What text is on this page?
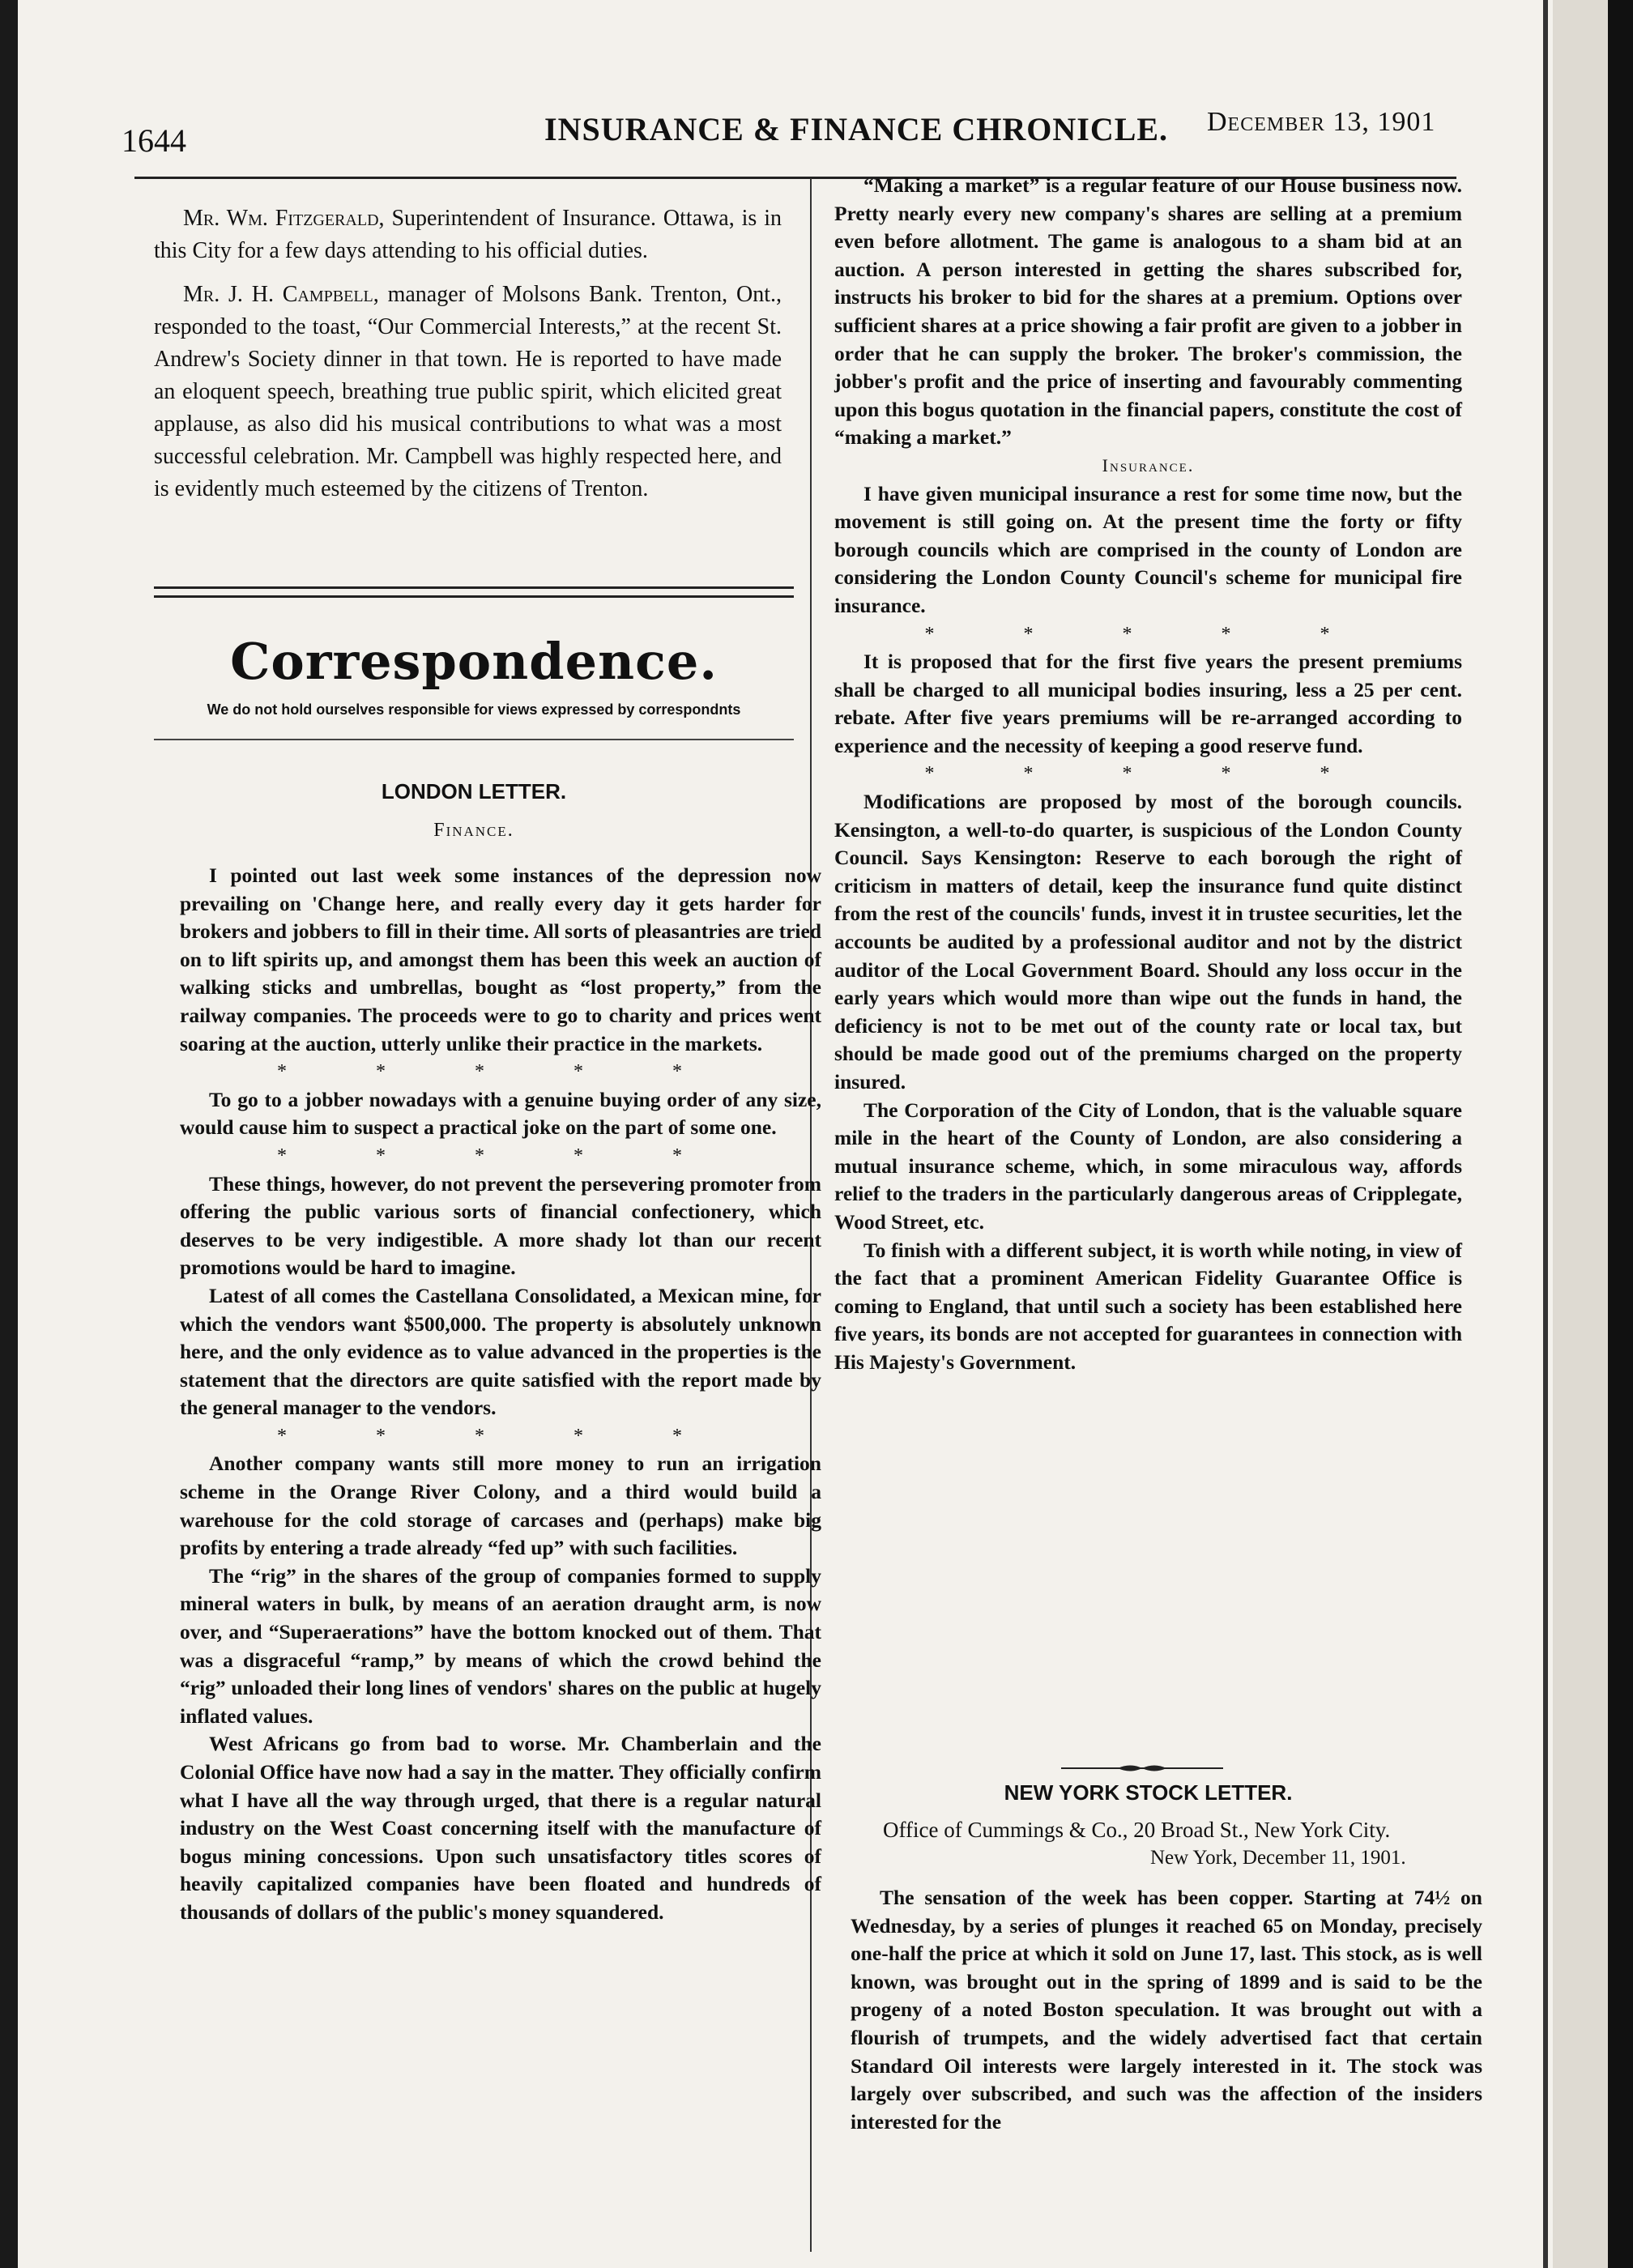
1644	INSURANCE & FINANCE CHRONICLE. December 13, 1901

Mr. Wm. Fitzgerald, Superintendent of Insurance. Ottawa, is in this City for a few days attending to his official duties.

Mr. J. H. Campbell, manager of Molsons Bank. Trenton, Ont., responded to the toast, “Our Commercial Interests,” at the recent St. Andrew's Society dinner in that town. He is reported to have made an eloquent speech, breathing true public spirit, which elicited great applause, as also did his musical contributions to what was a most successful celebration. Mr. Campbell was highly respected here, and is evidently much esteemed by the citizens of Trenton.

Correspondence.
We do not hold ourselves responsible for views expressed by correspondnts
LONDON LETTER.
Finance.

I pointed out last week some instances of the depression now prevailing on 'Change here, and really every day it gets harder for brokers and jobbers to fill in their time. All sorts of pleasantries are tried on to lift spirits up, and amongst them has been this week an auction of walking sticks and umbrellas, bought as “lost property,” from the railway companies. The proceeds were to go to charity and prices went soaring at the auction, utterly unlike their practice in the markets.

* * * * *

To go to a jobber nowadays with a genuine buying order of any size, would cause him to suspect a practical joke on the part of some one.

* * * * *

These things, however, do not prevent the persevering promoter from offering the public various sorts of financial confectionery, which deserves to be very indigestible. A more shady lot than our recent promotions would be hard to imagine.

Latest of all comes the Castellana Consolidated, a Mexican mine, for which the vendors want $500,000. The property is absolutely unknown here, and the only evidence as to value advanced in the properties is the statement that the directors are quite satisfied with the report made by the general manager to the vendors.

* * * * *

Another company wants still more money to run an irrigation scheme in the Orange River Colony, and a third would build a warehouse for the cold storage of carcases and (perhaps) make big profits by entering a trade already “fed up” with such facilities.

The “rig” in the shares of the group of companies formed to supply mineral waters in bulk, by means of an aeration draught arm, is now over, and “Superaerations” have the bottom knocked out of them. That was a disgraceful “ramp,” by means of which the crowd behind the “rig” unloaded their long lines of vendors' shares on the public at hugely inflated values.

West Africans go from bad to worse. Mr. Chamberlain and the Colonial Office have now had a say in the matter. They officially confirm what I have all the way through urged, that there is a regular natural industry on the West Coast concerning itself with the manufacture of bogus mining concessions. Upon such unsatisfactory titles scores of heavily capitalized companies have been floated and hundreds of thousands of dollars of the public's money squandered.

“Making a market” is a regular feature of our House business now. Pretty nearly every new company's shares are selling at a premium even before allotment. The game is analogous to a sham bid at an auction. A person interested in getting the shares subscribed for, instructs his broker to bid for the shares at a premium. Options over sufficient shares at a price showing a fair profit are given to a jobber in order that he can supply the broker. The broker's commission, the jobber's profit and the price of inserting and favourably commenting upon this bogus quotation in the financial papers, constitute the cost of “making a market.”

Insurance.

I have given municipal insurance a rest for some time now, but the movement is still going on. At the present time the forty or fifty borough councils which are comprised in the county of London are considering the London County Council's scheme for municipal fire insurance.

* * * * *

It is proposed that for the first five years the present premiums shall be charged to all municipal bodies insuring, less a 25 per cent. rebate. After five years premiums will be re-arranged according to experience and the necessity of keeping a good reserve fund.

* * * * *

Modifications are proposed by most of the borough councils. Kensington, a well-to-do quarter, is suspicious of the London County Council. Says Kensington: Reserve to each borough the right of criticism in matters of detail, keep the insurance fund quite distinct from the rest of the councils' funds, invest it in trustee securities, let the accounts be audited by a professional auditor and not by the district auditor of the Local Government Board. Should any loss occur in the early years which would more than wipe out the funds in hand, the deficiency is not to be met out of the county rate or local tax, but should be made good out of the premiums charged on the property insured.

The Corporation of the City of London, that is the valuable square mile in the heart of the County of London, are also considering a mutual insurance scheme, which, in some miraculous way, affords relief to the traders in the particularly dangerous areas of Cripplegate, Wood Street, etc.

To finish with a different subject, it is worth while noting, in view of the fact that a prominent American Fidelity Guarantee Office is coming to England, that until such a society has been established here five years, its bonds are not accepted for guarantees in connection with His Majesty's Government.

NEW YORK STOCK LETTER.
Office of Cummings & Co., 20 Broad St., New York City.
New York, December 11, 1901.

The sensation of the week has been copper. Starting at 74½ on Wednesday, by a series of plunges it reached 65 on Monday, precisely one-half the price at which it sold on June 17, last. This stock, as is well known, was brought out in the spring of 1899 and is said to be the progeny of a noted Boston speculation. It was brought out with a flourish of trumpets, and the widely advertised fact that certain Standard Oil interests were largely interested in it. The stock was largely over subscribed, and such was the affection of the insiders interested for the
